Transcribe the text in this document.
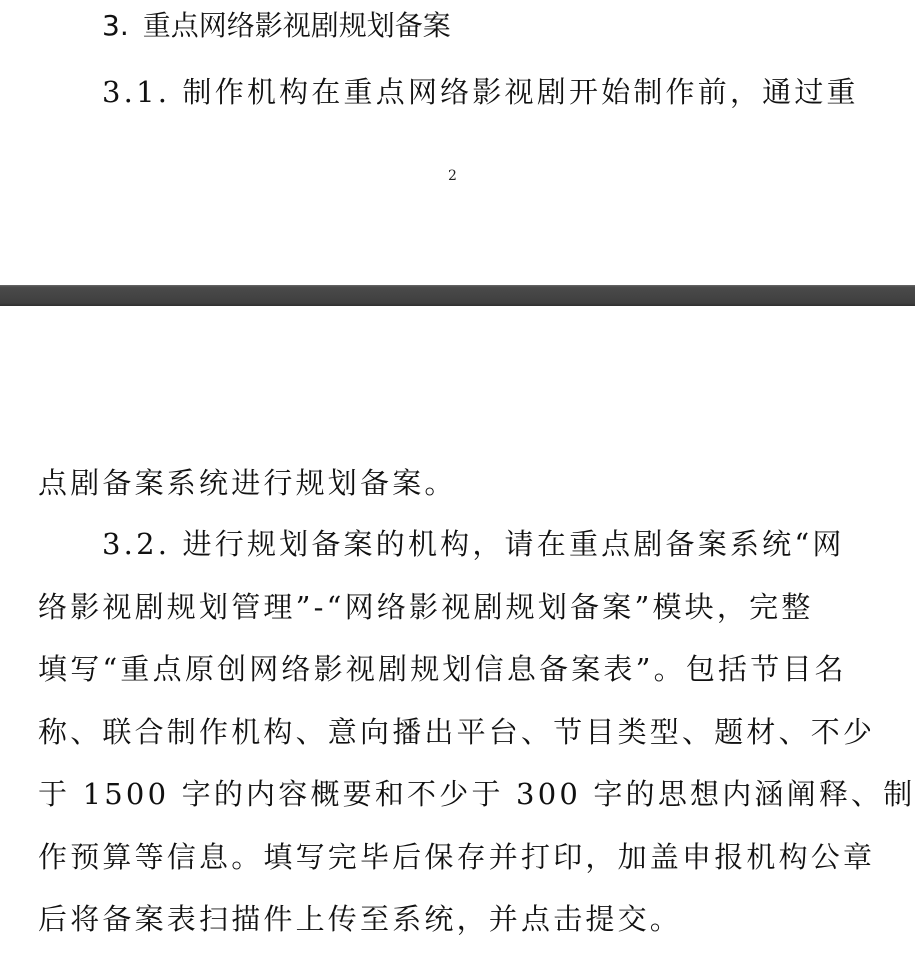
3. 重点网络影视剧规划备案
3.1. 制作机构在重点网络影视剧开始制作前，通过重
2
点剧备案系统进行规划备案。
3.2. 进行规划备案的机构，请在重点剧备案系统“网
络影视剧规划管理”-“网络影视剧规划备案”模块，完整
填写“重点原创网络影视剧规划信息备案表”。包括节目名
称、联合制作机构、意向播出平台、节目类型、题材、不少
于 1500 字的内容概要和不少于 300 字的思想内涵阐释、制
作预算等信息。填写完毕后保存并打印，加盖申报机构公章
后将备案表扫描件上传至系统，并点击提交。
